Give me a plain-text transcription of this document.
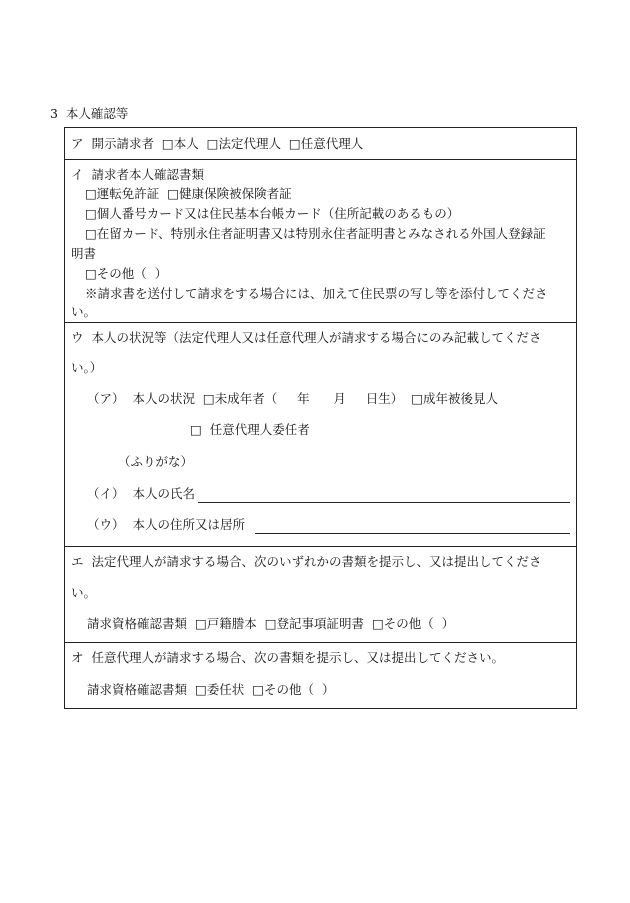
3  本人確認等
ア  開示請求者  □本人  □法定代理人  □任意代理人
イ  請求者本人確認書類
□運転免許証  □健康保険被保険者証
□個人番号カード又は住民基本台帳カード（住所記載のあるもの）
□在留カード、特別永住者証明書又は特別永住者証明書とみなされる外国人登録証
明書
□その他（  ）
※請求書を送付して請求をする場合には、加えて住民票の写し等を添付してくださ
い。
ウ  本人の状況等（法定代理人又は任意代理人が請求する場合にのみ記載してくださ
い。）
（ア）  本人の状況  □未成年者（     年      月     日生）  □成年被後見人
□  任意代理人委任者
（ふりがな）
（イ）  本人の氏名
（ウ）  本人の住所又は居所
エ  法定代理人が請求する場合、次のいずれかの書類を提示し、又は提出してくださ
い。
請求資格確認書類  □戸籍謄本  □登記事項証明書  □その他（  ）
オ  任意代理人が請求する場合、次の書類を提示し、又は提出してください。
請求資格確認書類  □委任状  □その他（  ）
